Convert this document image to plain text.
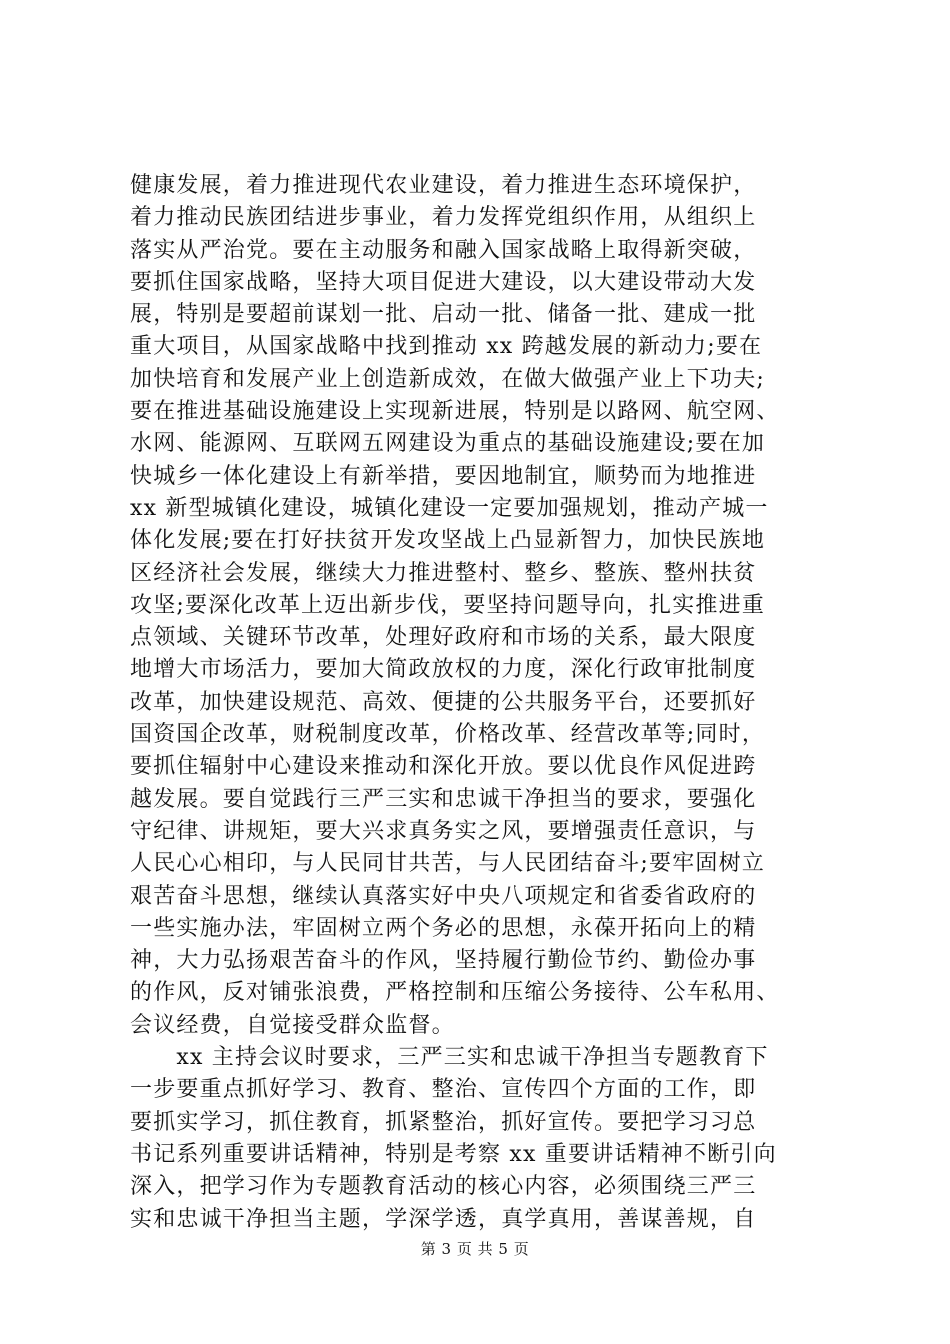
健康发展，着力推进现代农业建设，着力推进生态环境保护，
着力推动民族团结进步事业，着力发挥党组织作用，从组织上
落实从严治党。要在主动服务和融入国家战略上取得新突破，
要抓住国家战略，坚持大项目促进大建设，以大建设带动大发
展，特别是要超前谋划一批、启动一批、储备一批、建成一批
重大项目，从国家战略中找到推动 xx 跨越发展的新动力;要在
加快培育和发展产业上创造新成效，在做大做强产业上下功夫;
要在推进基础设施建设上实现新进展，特别是以路网、航空网、
水网、能源网、互联网五网建设为重点的基础设施建设;要在加
快城乡一体化建设上有新举措，要因地制宜，顺势而为地推进
xx 新型城镇化建设，城镇化建设一定要加强规划，推动产城一
体化发展;要在打好扶贫开发攻坚战上凸显新智力，加快民族地
区经济社会发展，继续大力推进整村、整乡、整族、整州扶贫
攻坚;要深化改革上迈出新步伐，要坚持问题导向，扎实推进重
点领域、关键环节改革，处理好政府和市场的关系，最大限度
地增大市场活力，要加大简政放权的力度，深化行政审批制度
改革，加快建设规范、高效、便捷的公共服务平台，还要抓好
国资国企改革，财税制度改革，价格改革、经营改革等;同时，
要抓住辐射中心建设来推动和深化开放。要以优良作风促进跨
越发展。要自觉践行三严三实和忠诚干净担当的要求，要强化
守纪律、讲规矩，要大兴求真务实之风，要增强责任意识，与
人民心心相印，与人民同甘共苦，与人民团结奋斗;要牢固树立
艰苦奋斗思想，继续认真落实好中央八项规定和省委省政府的
一些实施办法，牢固树立两个务必的思想，永葆开拓向上的精
神，大力弘扬艰苦奋斗的作风，坚持履行勤俭节约、勤俭办事
的作风，反对铺张浪费，严格控制和压缩公务接待、公车私用、
会议经费，自觉接受群众监督。
　　xx 主持会议时要求，三严三实和忠诚干净担当专题教育下
一步要重点抓好学习、教育、整治、宣传四个方面的工作，即
要抓实学习，抓住教育，抓紧整治，抓好宣传。要把学习习总
书记系列重要讲话精神，特别是考察 xx 重要讲话精神不断引向
深入，把学习作为专题教育活动的核心内容，必须围绕三严三
实和忠诚干净担当主题，学深学透，真学真用，善谋善规，自
第 3 页 共 5 页
